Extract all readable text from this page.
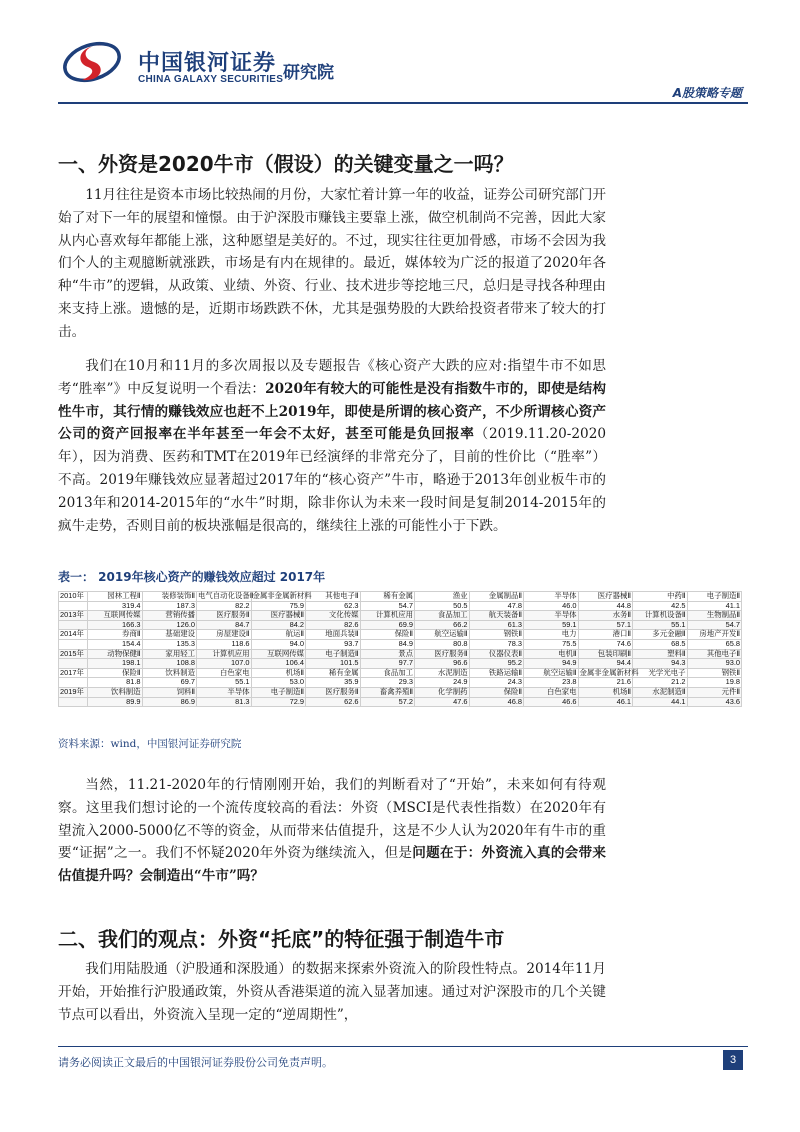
中国银河证券
CHINA GALAXY SECURITIES 研究院
A股策略专题
一、外资是2020牛市（假设）的关键变量之一吗？

11月往往是资本市场比较热闹的月份，大家忙着计算一年的收益，证券公司研究部门开始了对下一年的展望和憧憬。由于沪深股市赚钱主要靠上涨，做空机制尚不完善，因此大家从内心喜欢每年都能上涨，这种愿望是美好的。不过，现实往往更加骨感，市场不会因为我们个人的主观臆断就涨跌，市场是有内在规律的。最近，媒体较为广泛的报道了2020年各种“牛市”的逻辑，从政策、业绩、外资、行业、技术进步等挖地三尺，总归是寻找各种理由来支持上涨。遗憾的是，近期市场跌跌不休，尤其是强势股的大跌给投资者带来了较大的打击。

我们在10月和11月的多次周报以及专题报告《核心资产大跌的应对:指望牛市不如思考“胜率”》中反复说明一个看法：2020年有较大的可能性是没有指数牛市的，即使是结构性牛市，其行情的赚钱效应也赶不上2019年，即使是所谓的核心资产，不少所谓核心资产公司的资产回报率在半年甚至一年会不太好，甚至可能是负回报率（2019.11.20-2020年），因为消费、医药和TMT在2019年已经演绎的非常充分了，目前的性价比（“胜率”）不高。2019年赚钱效应显著超过2017年的“核心资产”牛市，略逊于2013年创业板牛市的2013年和2014-2015年的“水牛”时期，除非你认为未来一段时间是复制2014-2015年的疯牛走势，否则目前的板块涨幅是很高的，继续往上涨的可能性小于下跌。

表一： 2019年核心资产的赚钱效应超过 2017年
2010年	园林工程Ⅱ	装修装饰Ⅱ	电气自动化设备Ⅱ	金属非金属新材料	其他电子Ⅱ	稀有金属	渔业	金属制品Ⅱ	半导体	医疗器械Ⅱ	中药Ⅱ	电子制造Ⅱ
	319.4	187.3	82.2	75.9	62.3	54.7	50.5	47.8	46.0	44.8	42.5	41.1
2013年	互联网传媒	营销传播	医疗服务Ⅱ	医疗器械Ⅱ	文化传媒	计算机应用	食品加工	航天装备Ⅱ	半导体	水务Ⅱ	计算机设备Ⅱ	生物制品Ⅱ
	166.3	126.0	84.7	84.2	82.6	69.9	66.2	61.3	59.1	57.1	55.1	54.7
2014年	券商Ⅱ	基础建设	房屋建设Ⅱ	航运Ⅱ	地面兵装Ⅱ	保险Ⅱ	航空运输Ⅱ	钢铁Ⅱ	电力	港口Ⅱ	多元金融Ⅱ	房地产开发Ⅱ
	154.4	135.3	118.6	94.0	93.7	84.9	80.8	78.3	75.5	74.6	68.5	65.8
2015年	动物保健Ⅱ	家用轻工	计算机应用	互联网传媒	电子制造Ⅱ	景点	医疗服务Ⅱ	仪器仪表Ⅱ	电机Ⅱ	包装印刷Ⅱ	塑料Ⅱ	其他电子Ⅱ
	198.1	108.8	107.0	106.4	101.5	97.7	96.6	95.2	94.9	94.4	94.3	93.0
2017年	保险Ⅱ	饮料制造	白色家电	机场Ⅱ	稀有金属	食品加工	水泥制造	铁路运输Ⅱ	航空运输Ⅱ	金属非金属新材料	光学光电子	钢铁Ⅱ
	81.8	69.7	55.1	53.0	35.9	29.3	24.9	24.3	23.8	21.6	21.2	19.8
2019年	饮料制造	饲料Ⅱ	半导体	电子制造Ⅱ	医疗服务Ⅱ	畜禽养殖Ⅱ	化学制药	保险Ⅱ	白色家电	机场Ⅱ	水泥制造Ⅱ	元件Ⅱ
	89.9	86.9	81.3	72.9	62.6	57.2	47.6	46.8	46.6	46.1	44.1	43.6
资料来源：wind，中国银河证券研究院

当然，11.21-2020年的行情刚刚开始，我们的判断看对了“开始”，未来如何有待观察。这里我们想讨论的一个流传度较高的看法：外资（MSCI是代表性指数）在2020年有望流入2000-5000亿不等的资金，从而带来估值提升，这是不少人认为2020年有牛市的重要“证据”之一。我们不怀疑2020年外资为继续流入，但是问题在于：外资流入真的会带来估值提升吗？会制造出“牛市”吗？

二、我们的观点：外资“托底”的特征强于制造牛市

我们用陆股通（沪股通和深股通）的数据来探索外资流入的阶段性特点。2014年11月开始，开始推行沪股通政策，外资从香港渠道的流入显著加速。通过对沪深股市的几个关键节点可以看出，外资流入呈现一定的“逆周期性”，

请务必阅读正文最后的中国银河证券股份公司免责声明。	3
